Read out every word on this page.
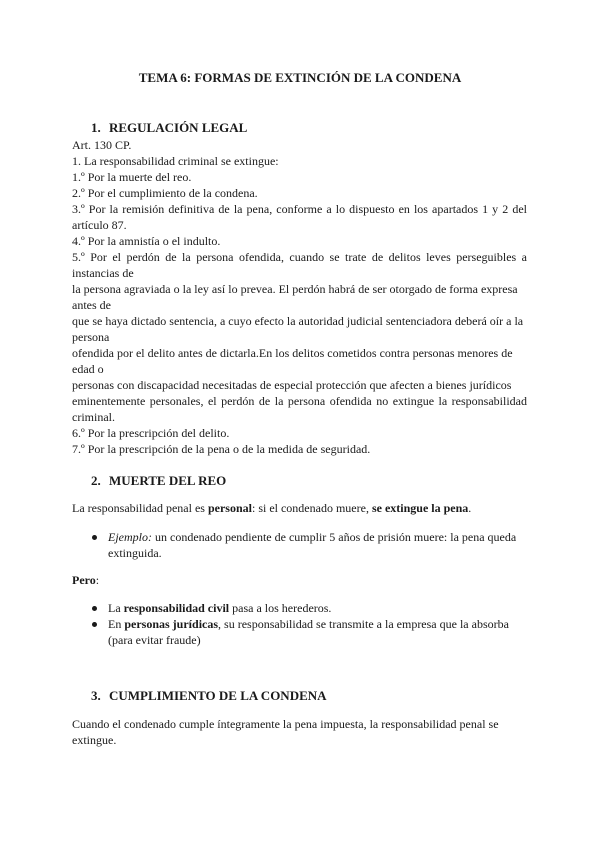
TEMA 6: FORMAS DE EXTINCIÓN DE LA CONDENA
1. REGULACIÓN LEGAL
Art. 130 CP.
1. La responsabilidad criminal se extingue:
1.º Por la muerte del reo.
2.º Por el cumplimiento de la condena.
3.º Por la remisión definitiva de la pena, conforme a lo dispuesto en los apartados 1 y 2 del
artículo 87.
4.º Por la amnistía o el indulto.
5.º Por el perdón de la persona ofendida, cuando se trate de delitos leves perseguibles a
instancias de
la persona agraviada o la ley así lo prevea. El perdón habrá de ser otorgado de forma expresa
antes de
que se haya dictado sentencia, a cuyo efecto la autoridad judicial sentenciadora deberá oír a la
persona
ofendida por el delito antes de dictarla.En los delitos cometidos contra personas menores de
edad o
personas con discapacidad necesitadas de especial protección que afecten a bienes jurídicos
eminentemente personales, el perdón de la persona ofendida no extingue la responsabilidad
criminal.
6.º Por la prescripción del delito.
7.º Por la prescripción de la pena o de la medida de seguridad.
2. MUERTE DEL REO
La responsabilidad penal es personal: si el condenado muere, se extingue la pena.
Ejemplo: un condenado pendiente de cumplir 5 años de prisión muere: la pena queda
extinguida.
Pero:
La responsabilidad civil pasa a los herederos.
En personas jurídicas, su responsabilidad se transmite a la empresa que la absorba
(para evitar fraude)
3. CUMPLIMIENTO DE LA CONDENA
Cuando el condenado cumple íntegramente la pena impuesta, la responsabilidad penal se
extingue.
